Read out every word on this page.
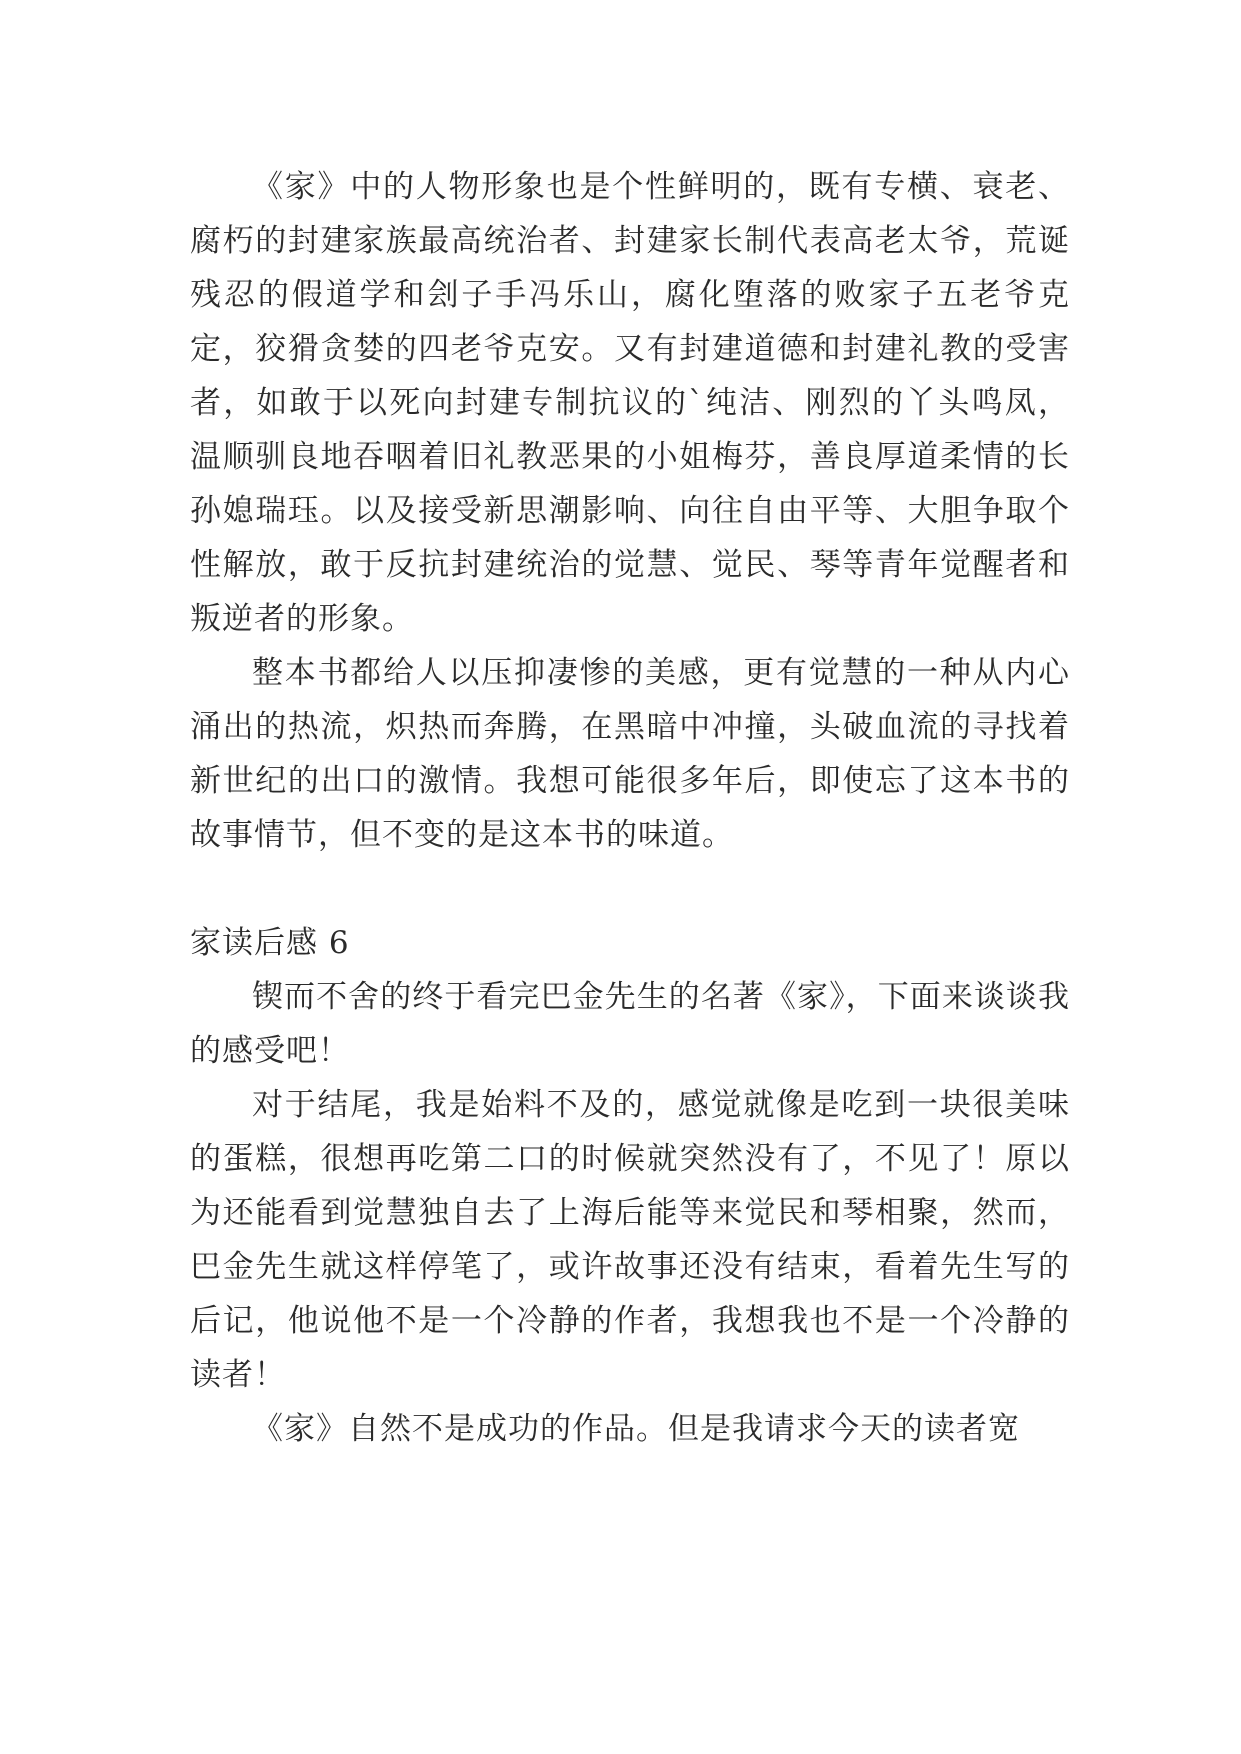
《家》中的人物形象也是个性鲜明的，既有专横、衰老、腐朽的封建家族最高统治者、封建家长制代表高老太爷，荒诞残忍的假道学和刽子手冯乐山，腐化堕落的败家子五老爷克定，狡猾贪婪的四老爷克安。又有封建道德和封建礼教的受害者，如敢于以死向封建专制抗议的`纯洁、刚烈的丫头鸣凤，温顺驯良地吞咽着旧礼教恶果的小姐梅芬，善良厚道柔情的长孙媳瑞珏。以及接受新思潮影响、向往自由平等、大胆争取个性解放，敢于反抗封建统治的觉慧、觉民、琴等青年觉醒者和叛逆者的形象。

整本书都给人以压抑凄惨的美感，更有觉慧的一种从内心涌出的热流，炽热而奔腾，在黑暗中冲撞，头破血流的寻找着新世纪的出口的激情。我想可能很多年后，即使忘了这本书的故事情节，但不变的是这本书的味道。

家读后感 6

锲而不舍的终于看完巴金先生的名著《家》，下面来谈谈我的感受吧！

对于结尾，我是始料不及的，感觉就像是吃到一块很美味的蛋糕，很想再吃第二口的时候就突然没有了，不见了！原以为还能看到觉慧独自去了上海后能等来觉民和琴相聚，然而，巴金先生就这样停笔了，或许故事还没有结束，看着先生写的后记，他说他不是一个冷静的作者，我想我也不是一个冷静的读者！

《家》自然不是成功的作品。但是我请求今天的读者宽
